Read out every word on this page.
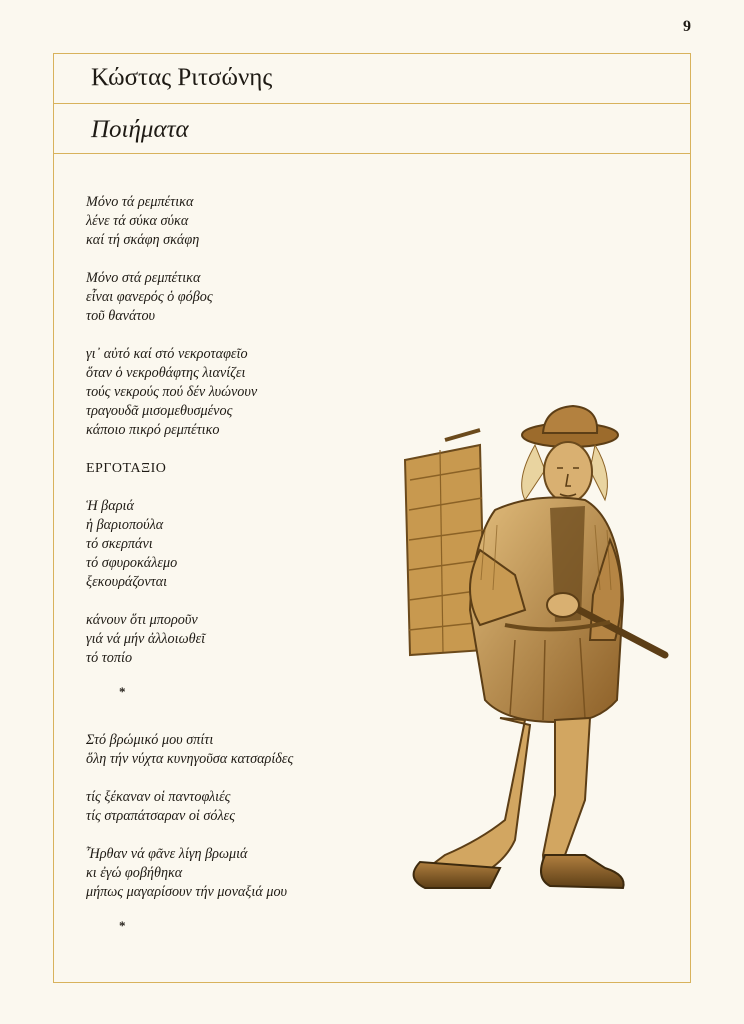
9
Κώστας Ριτσώνης
Ποιήματα
Μόνο τά ρεμπέτικα
λένε τά σύκα σύκα
καί τή σκάφη σκάφη
Μόνο στά ρεμπέτικα
εἶναι φανερός ὁ φόβος
τοῦ θανάτου
γι᾽ αὐτό καί στό νεκροταφεῖο
ὅταν ὁ νεκροθάφτης λιανίζει
τούς νεκρούς πού δέν λυώνουν
τραγουδᾶ μισομεθυσμένος
κάποιο πικρό ρεμπέτικο
ΕΡΓΟΤΑΞΙΟ
Ἡ βαριά
ἡ βαριοπούλα
τό σκερπάνι
τό σφυροκάλεμο
ξεκουράζονται
κάνουν ὅτι μποροῦν
γιά νά μήν ἀλλοιωθεῖ
τό τοπίο
*
Στό βρώμικό μου σπίτι
ὅλη τήν νύχτα κυνηγοῦσα κατσαρίδες
τίς ξέκαναν οἱ παντοφλιές
τίς στραπάτσαραν οἱ σόλες
Ἦρθαν νά φᾶνε λίγη βρωμιά
κι ἐγώ φοβήθηκα
μήπως μαγαρίσουν τήν μοναξιά μου
*
